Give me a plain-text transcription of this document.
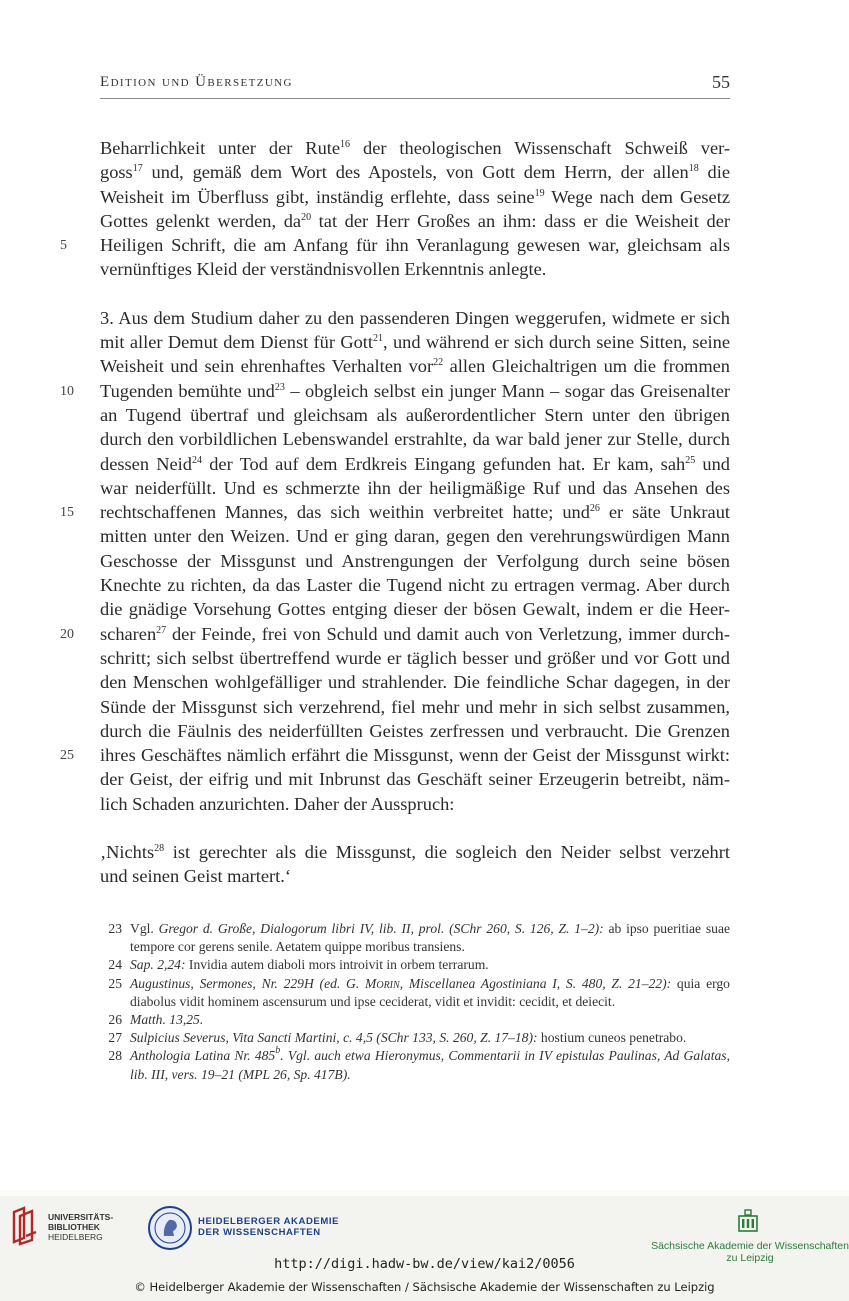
Edition und Übersetzung	55
Beharrlichkeit unter der Rute$^{16}$ der theologischen Wissenschaft Schweiß ver-
goss$^{17}$ und, gemäß dem Wort des Apostels, von Gott dem Herrn, der allen$^{18}$ die
Weisheit im Überfluss gibt, inständig erflehte, dass seine$^{19}$ Wege nach dem Gesetz
Gottes gelenkt werden, $da^{20}$ tat der Herr Großes an ihm: dass er die Weisheit der
5	Heiligen Schrift, die am Anfang für ihn Veranlagung gewesen war, gleichsam als
vernünftiges Kleid der verständnisvollen Erkenntnis anlegte.
3. Aus dem Studium daher zu den passenderen Dingen weggerufen, widmete er sich
mit aller Demut dem Dienst für Gott$^{21}$, und während er sich durch seine Sitten, seine
Weisheit und sein ehrenhaftes Verhalten vor$^{22}$ allen Gleichaltrigen um die frommen
10	Tugenden bemühte und$^{23}$ – obgleich selbst ein junger Mann – sogar das Greisenalter
an Tugend übertraf und gleichsam als außerordentlicher Stern unter den übrigen
durch den vorbildlichen Lebenswandel erstrahlte, da war bald jener zur Stelle, durch
dessen Neid$^{24}$ der Tod auf dem Erdkreis Eingang gefunden hat. Er kam, sah$^{25}$ und
war neiderfüllt. Und es schmerzte ihn der heiligmäßige Ruf und das Ansehen des
15	rechtschaffenen Mannes, das sich weithin verbreitet hatte; und$^{26}$ er säte Unkraut
mitten unter den Weizen. Und er ging daran, gegen den verehrungswürdigen Mann
Geschosse der Missgunst und Anstrengungen der Verfolgung durch seine bösen
Knechte zu richten, da das Laster die Tugend nicht zu ertragen vermag. Aber durch
die gnädige Vorsehung Gottes entging dieser der bösen Gewalt, indem er die Heer-
20	scharen$^{27}$ der Feinde, frei von Schuld und damit auch von Verletzung, immer durch-
schritt; sich selbst übertreffend wurde er täglich besser und größer und vor Gott und
den Menschen wohlgefälliger und strahlender. Die feindliche Schar dagegen, in der
Sünde der Missgunst sich verzehrend, fiel mehr und mehr in sich selbst zusammen,
durch die Fäulnis des neiderfüllten Geistes zerfressen und verbraucht. Die Grenzen
25	ihres Geschäftes nämlich erfährt die Missgunst, wenn der Geist der Missgunst wirkt:
der Geist, der eifrig und mit Inbrunst das Geschäft seiner Erzeugerin betreibt, näm-
lich Schaden anzurichten. Daher der Ausspruch:
‚Nichts$^{28}$ ist gerechter als die Missgunst, die sogleich den Neider selbst verzehrt
und seinen Geist martert.‘
23 Vgl. Gregor d. Große, Dialogorum libri IV, lib. II, prol. (SChr 260, S. 126, Z. 1–2): ab ipso pueritiae suae tempore cor gerens senile. Aetatem quippe moribus transiens.
24 Sap. 2,24: Invidia autem diaboli mors introivit in orbem terrarum.
25 Augustinus, Sermones, Nr. 229H (ed. G. Morin, Miscellanea Agostiniana I, S. 480, Z. 21–22): quia ergo diabolus vidit hominem ascensurum und ipse ceciderat, vidit et invidit: cecidit, et deiecit.
26 Matth. 13,25.
27 Sulpicius Severus, Vita Sancti Martini, c. 4,5 (SChr 133, S. 260, Z. 17–18): hostium cuneos penetrabo.
28 Anthologia Latina Nr. 485$^b$. Vgl. auch etwa Hieronymus, Commentarii in IV epistulas Paulinas, Ad Galatas, lib. III, vers. 19–21 (MPL 26, Sp. 417B).
UNIVERSITÄTS-
BIBLIOTHEK
HEIDELBERG
HEIDELBERGER AKADEMIE
DER WISSENSCHAFTEN
Sächsische Akademie der Wissenschaften
zu Leipzig
http://digi.hadw-bw.de/view/kai2/0056
© Heidelberger Akademie der Wissenschaften / Sächsische Akademie der Wissenschaften zu Leipzig
